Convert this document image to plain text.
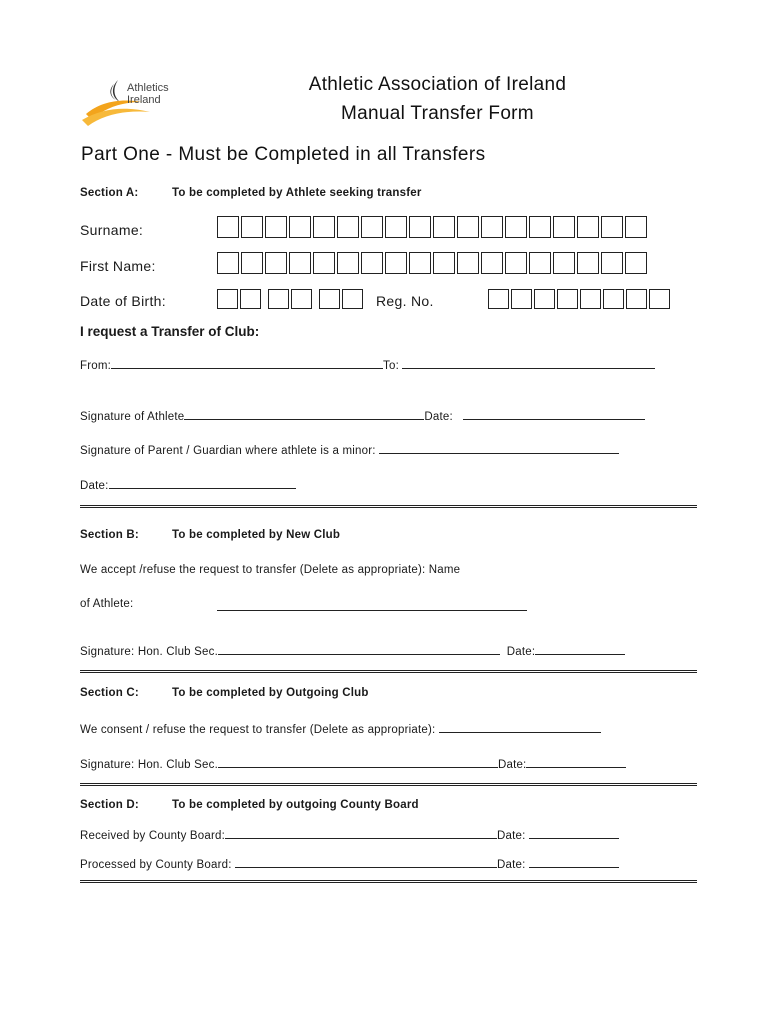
Athletics
Ireland
Athletic Association of Ireland
Manual Transfer Form
Part One - Must be Completed in all Transfers
Section A:	To be completed by Athlete seeking transfer
Surname:
First Name:
Date of Birth:	Reg. No.
I request a Transfer of Club:
From:	To:
Signature of Athlete	Date:
Signature of Parent / Guardian where athlete is a minor:
Date:
Section B:	To be completed by New Club
We accept /refuse the request to transfer (Delete as appropriate): Name
of Athlete:
Signature: Hon. Club Sec.	Date:
Section C:	To be completed by Outgoing Club
We consent / refuse the request to transfer (Delete as appropriate):
Signature: Hon. Club Sec.	Date:
Section D:	To be completed by outgoing County Board
Received by County Board:	Date:
Processed by County Board:	Date:
